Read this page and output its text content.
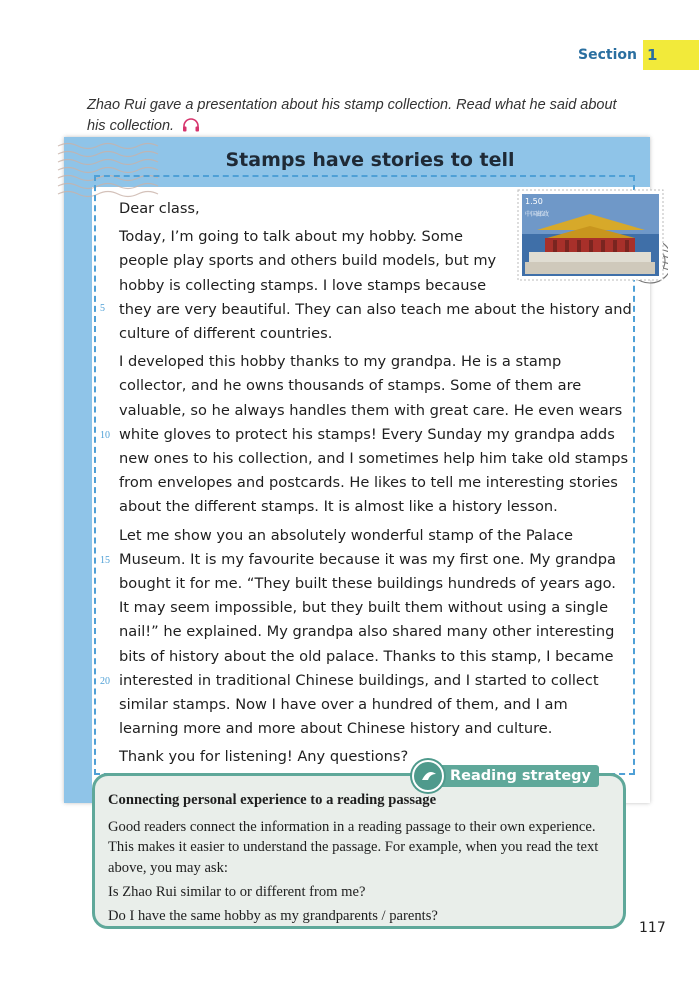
Section 1
Zhao Rui gave a presentation about his stamp collection. Read what he said about his collection.
Stamps have stories to tell
1.50
中国邮政
5
10
15
20

Dear class,

Today, I’m going to talk about my hobby. Some
people play sports and others build models, but my
hobby is collecting stamps. I love stamps because
they are very beautiful. They can also teach me about the history and
culture of different countries.

I developed this hobby thanks to my grandpa. He is a stamp
collector, and he owns thousands of stamps. Some of them are
valuable, so he always handles them with great care. He even wears
white gloves to protect his stamps! Every Sunday my grandpa adds
new ones to his collection, and I sometimes help him take old stamps
from envelopes and postcards. He likes to tell me interesting stories
about the different stamps. It is almost like a history lesson.

Let me show you an absolutely wonderful stamp of the Palace
Museum. It is my favourite because it was my first one. My grandpa
bought it for me. “They built these buildings hundreds of years ago.
It may seem impossible, but they built them without using a single
nail!” he explained. My grandpa also shared many other interesting
bits of history about the old palace. Thanks to this stamp, I became
interested in traditional Chinese buildings, and I started to collect
similar stamps. Now I have over a hundred of them, and I am
learning more and more about Chinese history and culture.

Thank you for listening! Any questions?

Reading strategy
Connecting personal experience to a reading passage
Good readers connect the information in a reading passage to their own experience. This makes it easier to understand the passage. For example, when you read the text above, you may ask:
Is Zhao Rui similar to or different from me?
Do I have the same hobby as my grandparents / parents?
117
